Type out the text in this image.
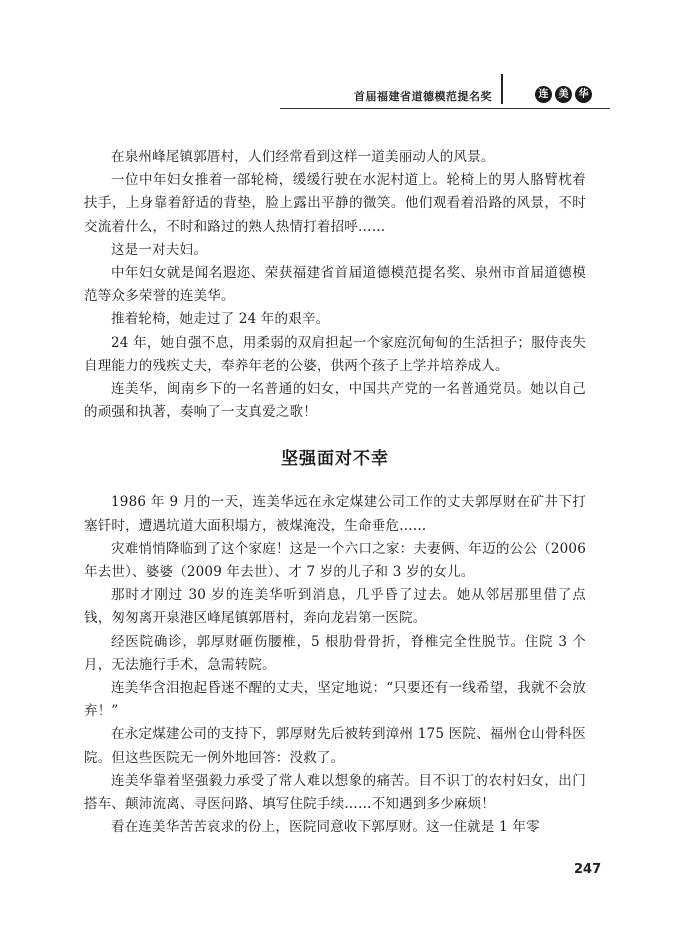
首届福建省道德模范提名奖	连	美	华

在泉州峰尾镇郭厝村，人们经常看到这样一道美丽动人的风景。

一位中年妇女推着一部轮椅，缓缓行驶在水泥村道上。轮椅上的男人胳臂枕着扶手，上身靠着舒适的背垫，脸上露出平静的微笑。他们观看着沿路的风景，不时交流着什么，不时和路过的熟人热情打着招呼……

这是一对夫妇。

中年妇女就是闻名遐迩、荣获福建省首届道德模范提名奖、泉州市首届道德模范等众多荣誉的连美华。

推着轮椅，她走过了 24 年的艰辛。

24 年，她自强不息，用柔弱的双肩担起一个家庭沉甸甸的生活担子；服侍丧失自理能力的残疾丈夫，奉养年老的公婆，供两个孩子上学并培养成人。

连美华，闽南乡下的一名普通的妇女，中国共产党的一名普通党员。她以自己的顽强和执著，奏响了一支真爱之歌！

坚强面对不幸

1986 年 9 月的一天，连美华远在永定煤建公司工作的丈夫郭厚财在矿井下打塞钎时，遭遇坑道大面积塌方，被煤淹没，生命垂危……

灾难悄悄降临到了这个家庭！这是一个六口之家：夫妻俩、年迈的公公（2006 年去世）、婆婆（2009 年去世）、才 7 岁的儿子和 3 岁的女儿。

那时才刚过 30 岁的连美华听到消息，几乎昏了过去。她从邻居那里借了点钱，匆匆离开泉港区峰尾镇郭厝村，奔向龙岩第一医院。

经医院确诊，郭厚财砸伤腰椎，5 根肋骨骨折，脊椎完全性脱节。住院 3 个月，无法施行手术，急需转院。

连美华含泪抱起昏迷不醒的丈夫，坚定地说：“只要还有一线希望，我就不会放弃！”

在永定煤建公司的支持下，郭厚财先后被转到漳州 175 医院、福州仓山骨科医院。但这些医院无一例外地回答：没救了。

连美华靠着坚强毅力承受了常人难以想象的痛苦。目不识丁的农村妇女，出门搭车、颠沛流离、寻医问路、填写住院手续……不知遇到多少麻烦！

看在连美华苦苦哀求的份上，医院同意收下郭厚财。这一住就是 1 年零

247
